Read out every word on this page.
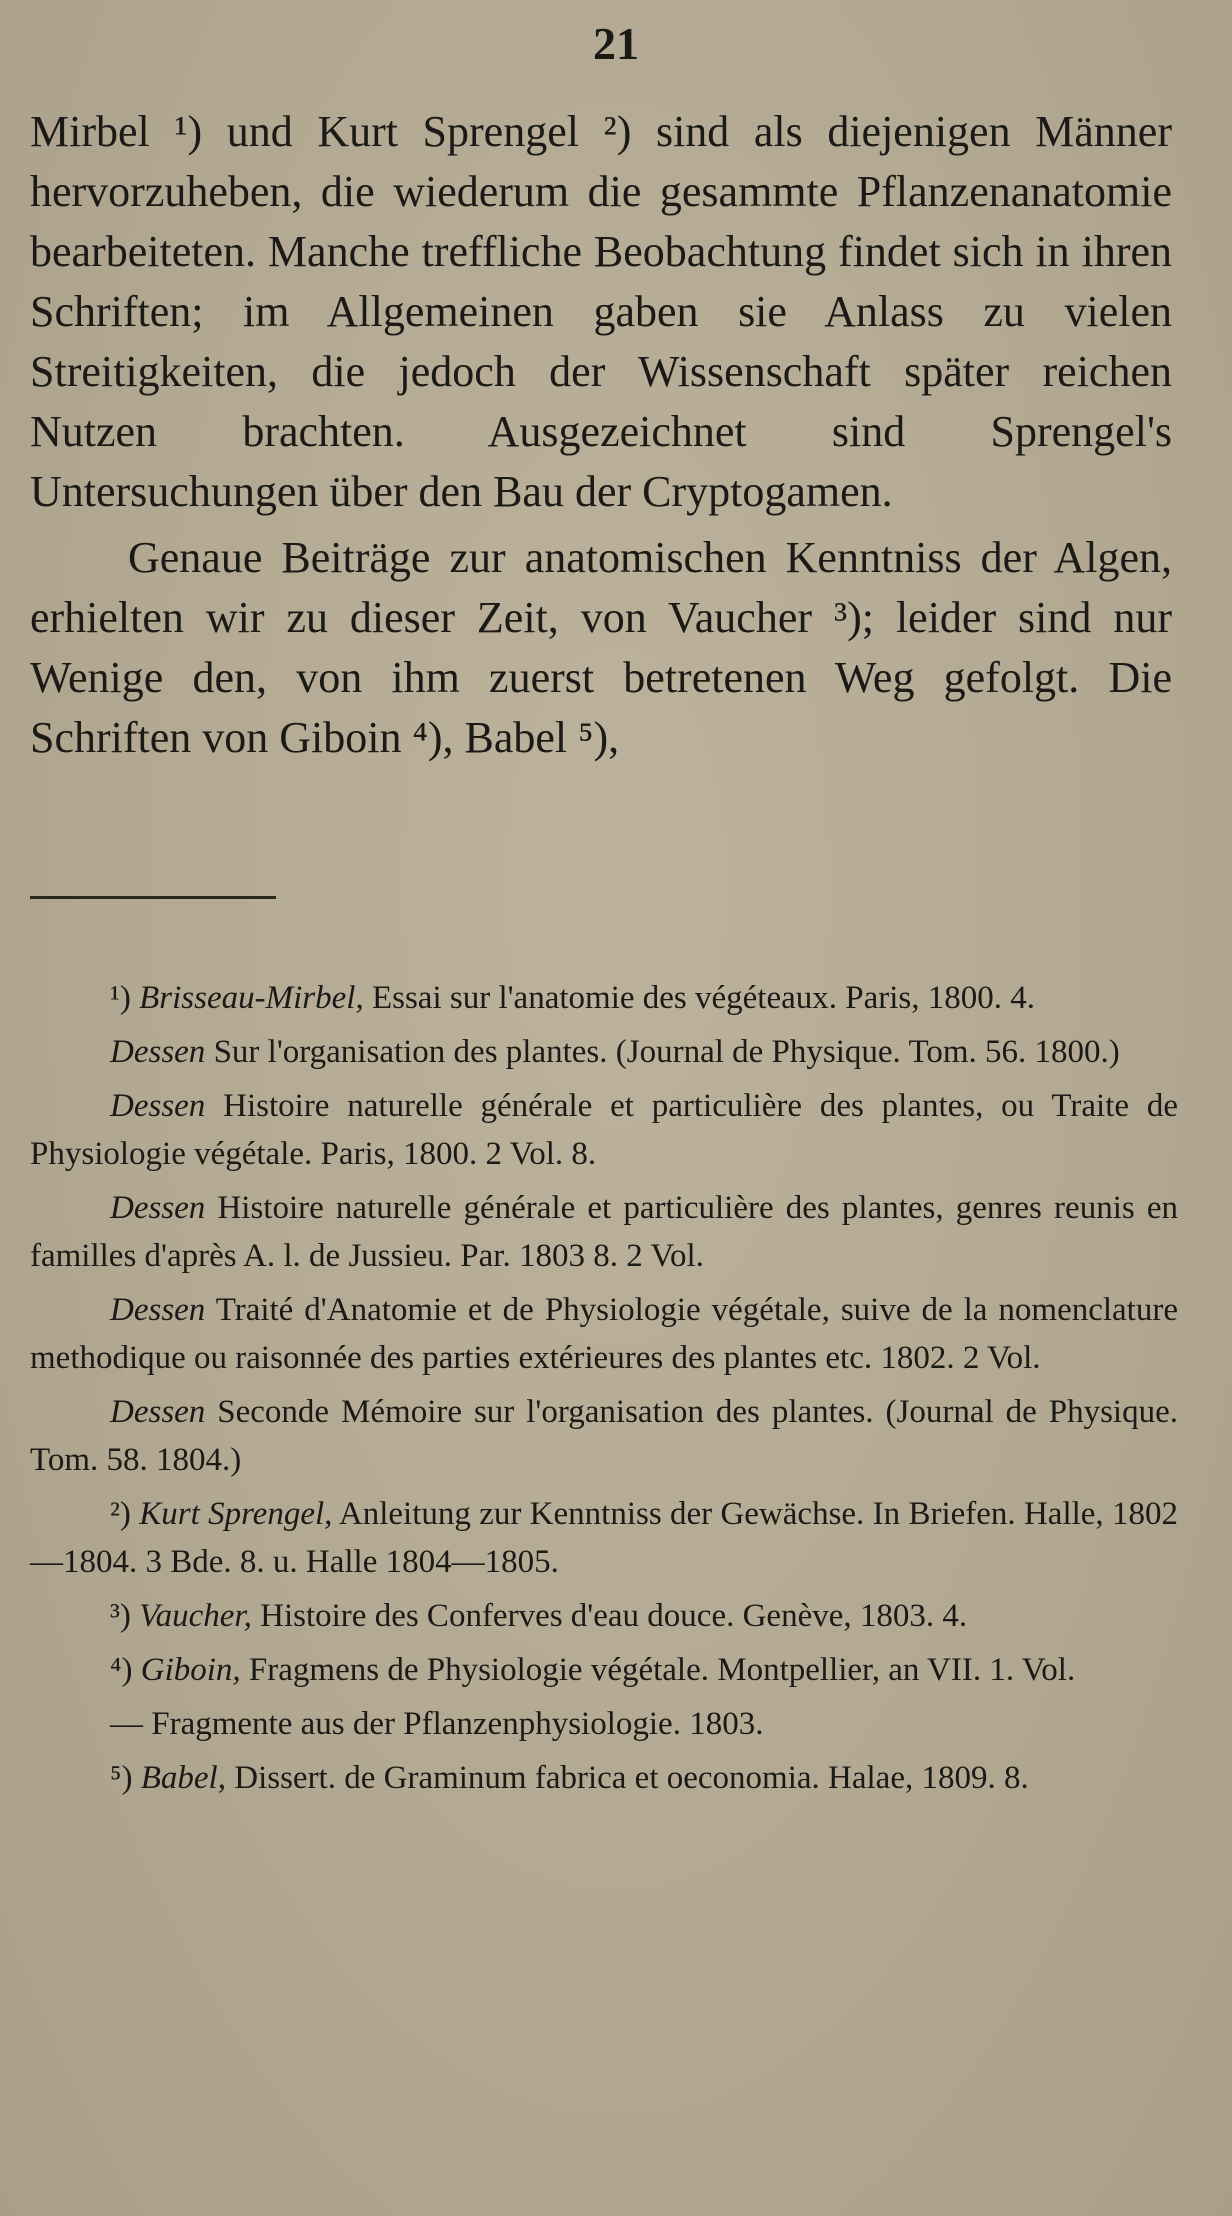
21

Mirbel ¹) und Kurt Sprengel ²) sind als diejenigen Männer hervorzuheben, die wiederum die gesammte Pflanzenanatomie bearbeiteten. Manche treffliche Beobachtung findet sich in ihren Schriften; im Allgemeinen gaben sie Anlass zu vielen Streitigkeiten, die jedoch der Wissenschaft später reichen Nutzen brachten. Ausgezeichnet sind Sprengel's Untersuchungen über den Bau der Cryptogamen.

Genaue Beiträge zur anatomischen Kenntniss der Algen, erhielten wir zu dieser Zeit, von Vaucher ³); leider sind nur Wenige den, von ihm zuerst betretenen Weg gefolgt. Die Schriften von Giboin ⁴), Babel ⁵),

¹) Brisseau-Mirbel, Essai sur l'anatomie des végéteaux. Paris, 1800. 4.

Dessen Sur l'organisation des plantes. (Journal de Physique. Tom. 56. 1800.)

Dessen Histoire naturelle générale et particulière des plantes, ou Traite de Physiologie végétale. Paris, 1800. 2 Vol. 8.

Dessen Histoire naturelle générale et particulière des plantes, genres reunis en familles d'après A. l. de Jussieu. Par. 1803 8. 2 Vol.

Dessen Traité d'Anatomie et de Physiologie végétale, suive de la nomenclature methodique ou raisonnée des parties extérieures des plantes etc. 1802. 2 Vol.

Dessen Seconde Mémoire sur l'organisation des plantes. (Journal de Physique. Tom. 58. 1804.)

²) Kurt Sprengel, Anleitung zur Kenntniss der Gewächse. In Briefen. Halle, 1802—1804. 3 Bde. 8. u. Halle 1804—1805.

³) Vaucher, Histoire des Conferves d'eau douce. Genève, 1803. 4.

⁴) Giboin, Fragmens de Physiologie végétale. Montpellier, an VII. 1. Vol.

— Fragmente aus der Pflanzenphysiologie. 1803.

⁵) Babel, Dissert. de Graminum fabrica et oeconomia. Halae, 1809. 8.
